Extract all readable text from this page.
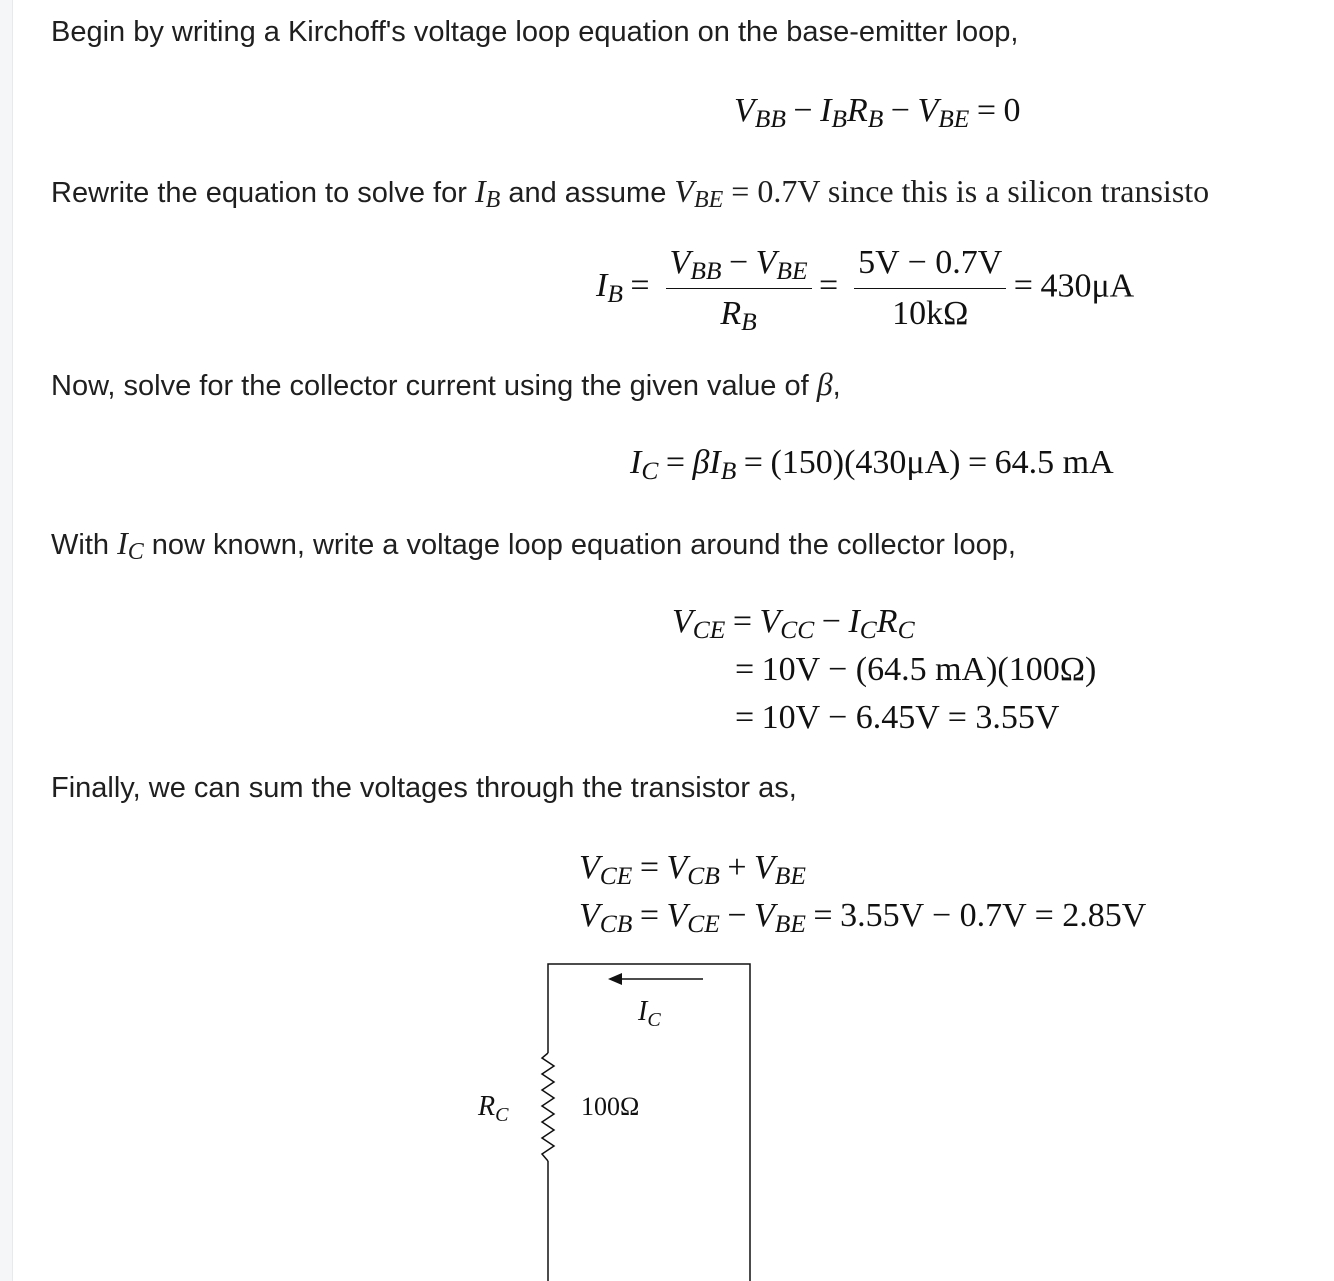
Begin by writing a Kirchoff's voltage loop equation on the base-emitter loop,
VBB − IBRB − VBE = 0
Rewrite the equation to solve for IB and assume VBE = 0.7V since this is a silicon transisto
IB = $\frac{\text{VBB − VBE}}{RB} = \frac{5V - 0.7V}{10k\Omega} = 430\mu A$
Now, solve for the collector current using the given value of β,
IC = βIB = (150)(430μA) = 64.5 mA
With IC now known, write a voltage loop equation around the collector loop,
VCE = VCC − ICRC
= 10V − (64.5 mA)(100Ω)
= 10V − 6.45V = 3.55V
Finally, we can sum the voltages through the transistor as,
VCE = VCB + VBE
VCB = VCE − VBE = 3.55V − 0.7V = 2.85V
$I_C$
$R_C$	100Ω
